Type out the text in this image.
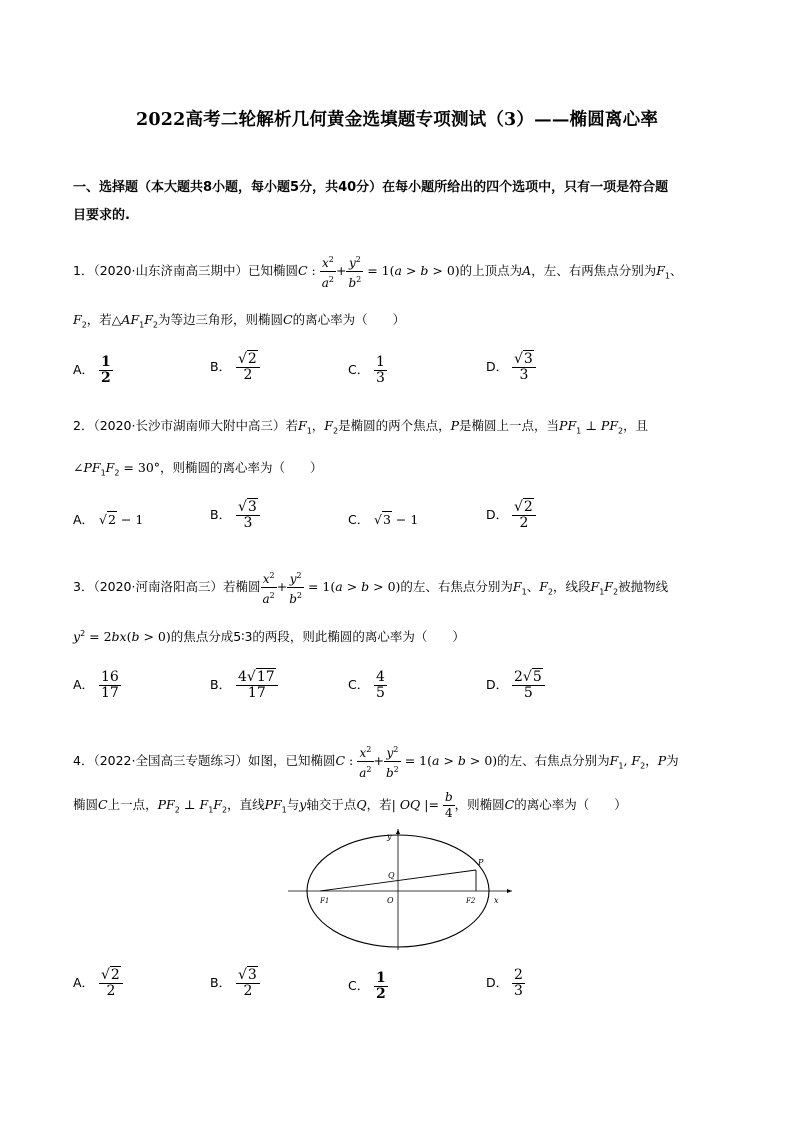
2022高考二轮解析几何黄金选填题专项测试（3）——椭圆离心率
一、选择题（本大题共8小题，每小题5分，共40分）在每小题所给出的四个选项中，只有一项是符合题
目要求的.
1．（2020·山东济南高三期中）已知椭圆C : $\frac{x^2}{a^2} + \frac{y^2}{b^2} = 1(a > b > 0)$的上顶点为A，左、右两焦点分别为$F_1$、
$F_2$，若$\triangle AF_1F_2$为等边三角形，则椭圆C的离心率为（　　）
A． $\frac{1}{2}$	B． $\frac{√2}{2}$	C． $\frac{1}{3}$	D． $\frac{√3}{3}$
2．（2020·长沙市湖南师大附中高三）若$F_1$，$F_2$是椭圆的两个焦点，P是椭圆上一点，当$PF_1$ ⊥ $PF_2$，且
$\angle PF_1F_2 = 30^\circ$，则椭圆的离心率为（　　）
A． √2 − 1	B． $\frac{√3}{3}$	C． √3 − 1	D． $\frac{√2}{2}$
3．（2020·河南洛阳高三）若椭圆 $\frac{x^2}{a^2} + \frac{y^2}{b^2} = 1(a > b > 0)$的左、右焦点分别为$F_1$、$F_2$，线段$F_1F_2$被抛物线
$y^2 = 2bx(b > 0)$的焦点分成5∶3的两段，则此椭圆的离心率为（　　）
A． $\frac{16}{17}$	B． $\frac{4√17}{17}$	C． $\frac{4}{5}$	D． $\frac{2√5}{5}$
4．（2022·全国高三专题练习）如图，已知椭圆C : $\frac{x^2}{a^2} + \frac{y^2}{b^2} = 1(a > b > 0)$的左、右焦点分别为$F_1$, $F_2$，P为
椭圆C上一点，$PF_2$ ⊥ $F_1F_2$，直线$PF_1$与y轴交于点Q，若| OQ |= $\frac{b}{4}$ ，则椭圆C的离心率为（　　）
y
P
Q
F1	O	F2 x
A． $\frac{√2}{2}$	B． $\frac{√3}{2}$	C． $\frac{1}{2}$	D． $\frac{2}{3}$
